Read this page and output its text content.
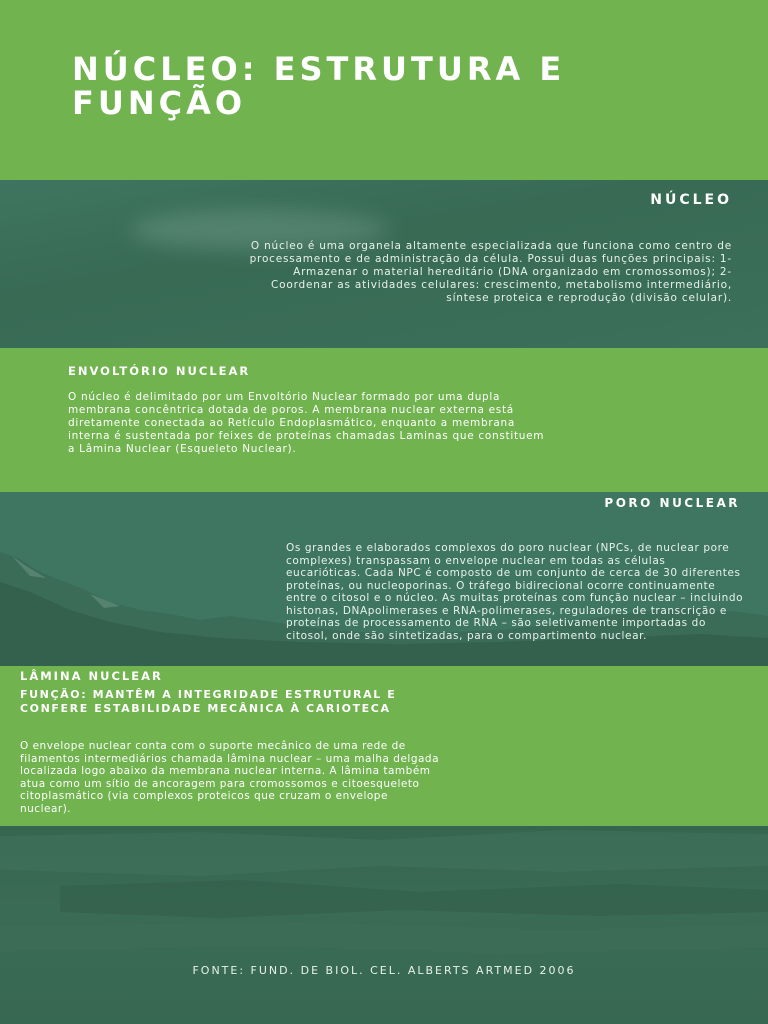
NÚCLEO: ESTRUTURA E FUNÇÃO
NÚCLEO

O núcleo é uma organela altamente especializada que funciona como centro de processamento e de administração da célula. Possui duas funções principais: 1- Armazenar o material hereditário (DNA organizado em cromossomos); 2- Coordenar as atividades celulares: crescimento, metabolismo intermediário, síntese proteica e reprodução (divisão celular).

ENVOLTÓRIO NUCLEAR

O núcleo é delimitado por um Envoltório Nuclear formado por uma dupla membrana concêntrica dotada de poros. A membrana nuclear externa está diretamente conectada ao Retículo Endoplasmático, enquanto a membrana interna é sustentada por feixes de proteínas chamadas Laminas que constituem a Lâmina Nuclear (Esqueleto Nuclear).

PORO NUCLEAR

Os grandes e elaborados complexos do poro nuclear (NPCs, de nuclear pore complexes) transpassam o envelope nuclear em todas as células eucarióticas. Cada NPC é composto de um conjunto de cerca de 30 diferentes proteínas, ou nucleoporinas. O tráfego bidirecional ocorre continuamente entre o citosol e o núcleo. As muitas proteínas com função nuclear – incluindo histonas, DNApolimerases e RNA-polimerases, reguladores de transcrição e proteínas de processamento de RNA – são seletivamente importadas do citosol, onde são sintetizadas, para o compartimento nuclear.

LÂMINA NUCLEAR
FUNÇÃO: MANTÊM A INTEGRIDADE ESTRUTURAL E CONFERE ESTABILIDADE MECÂNICA À CARIOTECA

O envelope nuclear conta com o suporte mecânico de uma rede de filamentos intermediários chamada lâmina nuclear – uma malha delgada localizada logo abaixo da membrana nuclear interna. A lâmina também atua como um sítio de ancoragem para cromossomos e citoesqueleto citoplasmático (via complexos proteicos que cruzam o envelope nuclear).

FONTE: FUND. DE BIOL. CEL. ALBERTS ARTMED 2006
